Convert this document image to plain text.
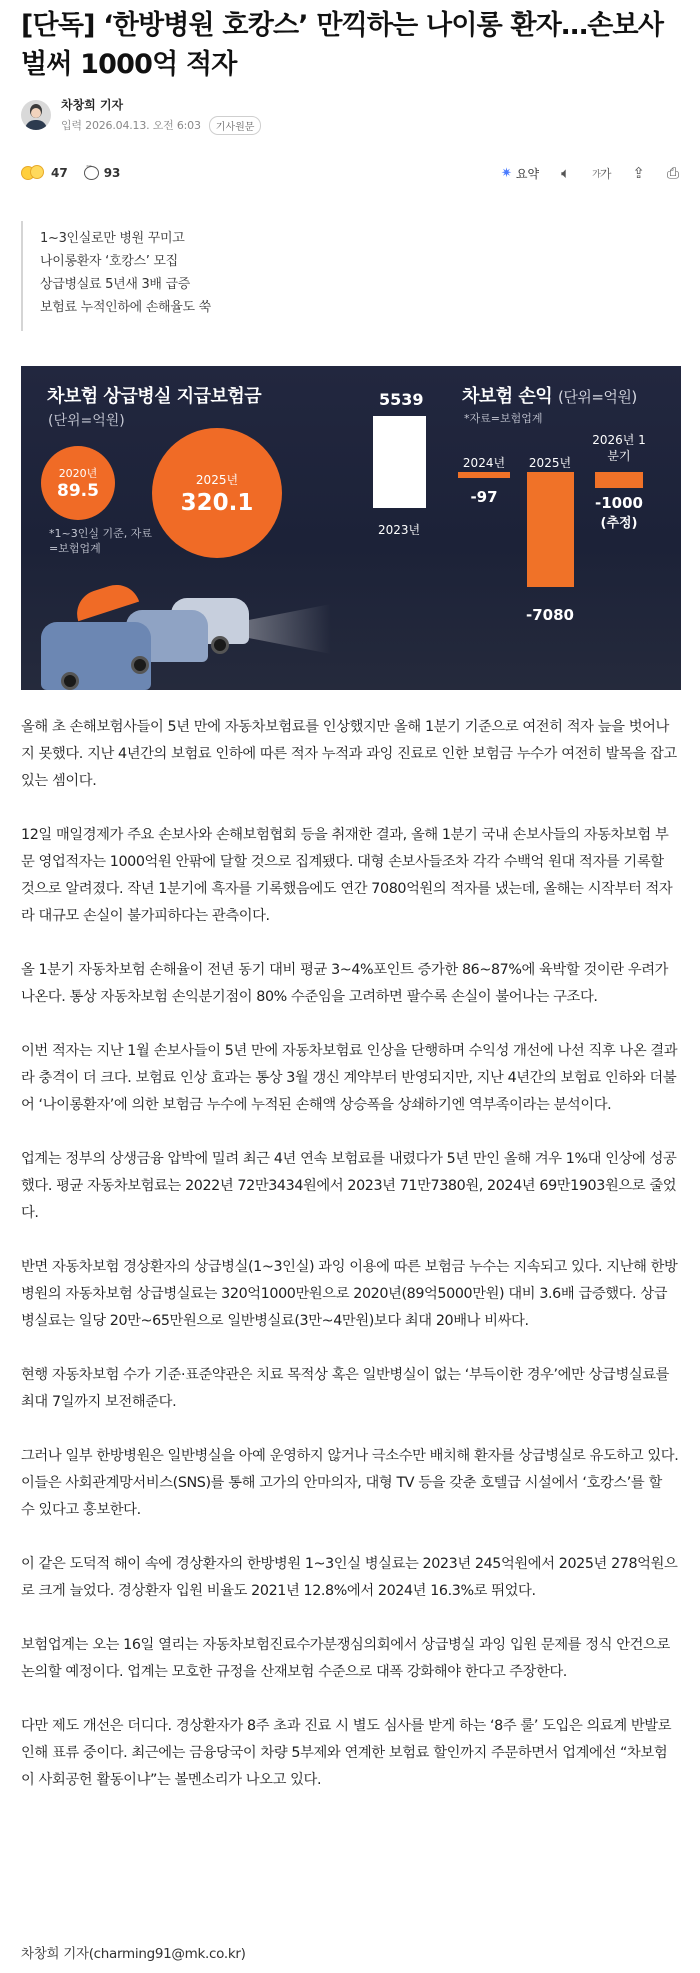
[단독] ‘한방병원 호캉스’ 만끽하는 나이롱 환자…손보사 벌써 1000억 적자
차창희 기자
입력 2026.04.13. 오전 6:03	기사원문
47
···	93	✷ 요약 🔈︎ 가 가 ⇪ ⎙

1~3인실로만 병원 꾸미고

나이롱환자 ‘호캉스’ 모집

상급병실료 5년새 3배 급증

보험료 누적인하에 손해율도 쑥

차보험 상급병실 지급보험금
(단위=억원)
2020년
89.5
2025년
320.1
*1~3인실 기준, 자료=보험업계
5539
2023년
차보험 손익 (단위=억원)
*자료=보험업계
2024년
-97
2025년
-7080
2026년 1분기
-1000
(추정)

올해 초 손해보험사들이 5년 만에 자동차보험료를 인상했지만 올해 1분기 기준으로 여전히 적자 늪을 벗어나지 못했다. 지난 4년간의 보험료 인하에 따른 적자 누적과 과잉 진료로 인한 보험금 누수가 여전히 발목을 잡고 있는 셈이다.

12일 매일경제가 주요 손보사와 손해보험협회 등을 취재한 결과, 올해 1분기 국내 손보사들의 자동차보험 부문 영업적자는 1000억원 안팎에 달할 것으로 집계됐다. 대형 손보사들조차 각각 수백억 원대 적자를 기록할 것으로 알려졌다. 작년 1분기에 흑자를 기록했음에도 연간 7080억원의 적자를 냈는데, 올해는 시작부터 적자라 대규모 손실이 불가피하다는 관측이다.

올 1분기 자동차보험 손해율이 전년 동기 대비 평균 3~4%포인트 증가한 86~87%에 육박할 것이란 우려가 나온다. 통상 자동차보험 손익분기점이 80% 수준임을 고려하면 팔수록 손실이 불어나는 구조다.

이번 적자는 지난 1월 손보사들이 5년 만에 자동차보험료 인상을 단행하며 수익성 개선에 나선 직후 나온 결과라 충격이 더 크다. 보험료 인상 효과는 통상 3월 갱신 계약부터 반영되지만, 지난 4년간의 보험료 인하와 더불어 ‘나이롱환자’에 의한 보험금 누수에 누적된 손해액 상승폭을 상쇄하기엔 역부족이라는 분석이다.

업계는 정부의 상생금융 압박에 밀려 최근 4년 연속 보험료를 내렸다가 5년 만인 올해 겨우 1%대 인상에 성공했다. 평균 자동차보험료는 2022년 72만3434원에서 2023년 71만7380원, 2024년 69만1903원으로 줄었다.

반면 자동차보험 경상환자의 상급병실(1~3인실) 과잉 이용에 따른 보험금 누수는 지속되고 있다. 지난해 한방병원의 자동차보험 상급병실료는 320억1000만원으로 2020년(89억5000만원) 대비 3.6배 급증했다. 상급병실료는 일당 20만~65만원으로 일반병실료(3만~4만원)보다 최대 20배나 비싸다.

현행 자동차보험 수가 기준·표준약관은 치료 목적상 혹은 일반병실이 없는 ‘부득이한 경우’에만 상급병실료를 최대 7일까지 보전해준다.

그러나 일부 한방병원은 일반병실을 아예 운영하지 않거나 극소수만 배치해 환자를 상급병실로 유도하고 있다. 이들은 사회관계망서비스(SNS)를 통해 고가의 안마의자, 대형 TV 등을 갖춘 호텔급 시설에서 ‘호캉스’를 할 수 있다고 홍보한다.

이 같은 도덕적 해이 속에 경상환자의 한방병원 1~3인실 병실료는 2023년 245억원에서 2025년 278억원으로 크게 늘었다. 경상환자 입원 비율도 2021년 12.8%에서 2024년 16.3%로 뛰었다.

보험업계는 오는 16일 열리는 자동차보험진료수가분쟁심의회에서 상급병실 과잉 입원 문제를 정식 안건으로 논의할 예정이다. 업계는 모호한 규정을 산재보험 수준으로 대폭 강화해야 한다고 주장한다.

다만 제도 개선은 더디다. 경상환자가 8주 초과 진료 시 별도 심사를 받게 하는 ‘8주 룰’ 도입은 의료계 반발로 인해 표류 중이다. 최근에는 금융당국이 차량 5부제와 연계한 보험료 할인까지 주문하면서 업계에선 “차보험이 사회공헌 활동이냐”는 볼멘소리가 나오고 있다.

차창희 기자(charming91@mk.co.kr)
